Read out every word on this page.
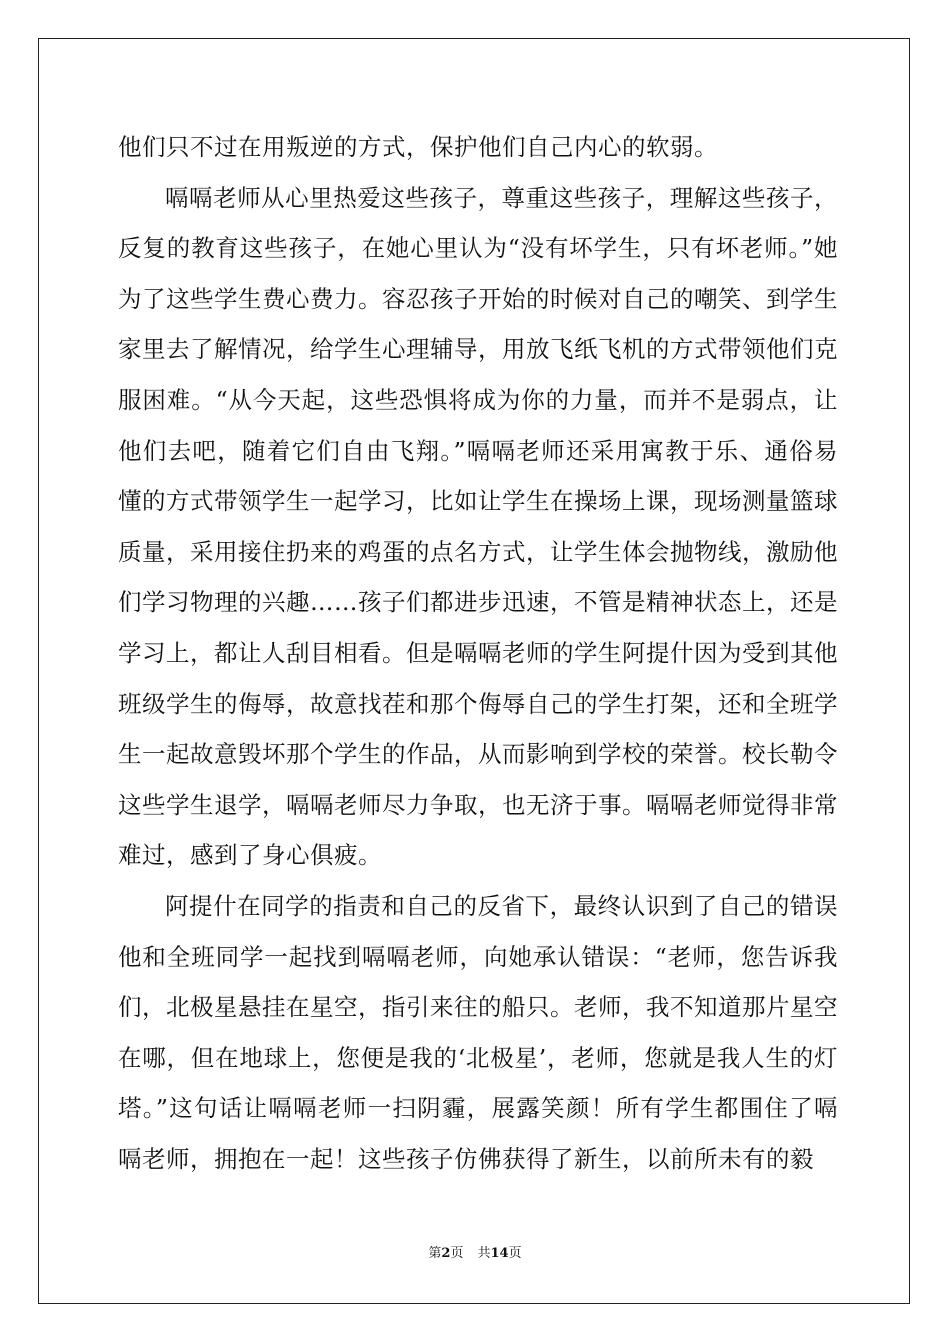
他们只不过在用叛逆的方式，保护他们自己内心的软弱。

嗝嗝老师从心里热爱这些孩子，尊重这些孩子，理解这些孩子，反复的教育这些孩子，在她心里认为“没有坏学生，只有坏老师。”她为了这些学生费心费力。容忍孩子开始的时候对自己的嘲笑、到学生家里去了解情况，给学生心理辅导，用放飞纸飞机的方式带领他们克服困难。“从今天起，这些恐惧将成为你的力量，而并不是弱点，让他们去吧，随着它们自由飞翔。”嗝嗝老师还采用寓教于乐、通俗易懂的方式带领学生一起学习，比如让学生在操场上课，现场测量篮球质量，采用接住扔来的鸡蛋的点名方式，让学生体会抛物线，激励他们学习物理的兴趣……孩子们都进步迅速，不管是精神状态上，还是学习上，都让人刮目相看。但是嗝嗝老师的学生阿提什因为受到其他班级学生的侮辱，故意找茬和那个侮辱自己的学生打架，还和全班学生一起故意毁坏那个学生的作品，从而影响到学校的荣誉。校长勒令这些学生退学，嗝嗝老师尽力争取，也无济于事。嗝嗝老师觉得非常难过，感到了身心俱疲。

阿提什在同学的指责和自己的反省下，最终认识到了自己的错误他和全班同学一起找到嗝嗝老师，向她承认错误：“老师，您告诉我们，北极星悬挂在星空，指引来往的船只。老师，我不知道那片星空在哪，但在地球上，您便是我的‘北极星’，老师，您就是我人生的灯塔。”这句话让嗝嗝老师一扫阴霾，展露笑颜！所有学生都围住了嗝嗝老师，拥抱在一起！这些孩子仿佛获得了新生，以前所未有的毅

第2页 共14页
